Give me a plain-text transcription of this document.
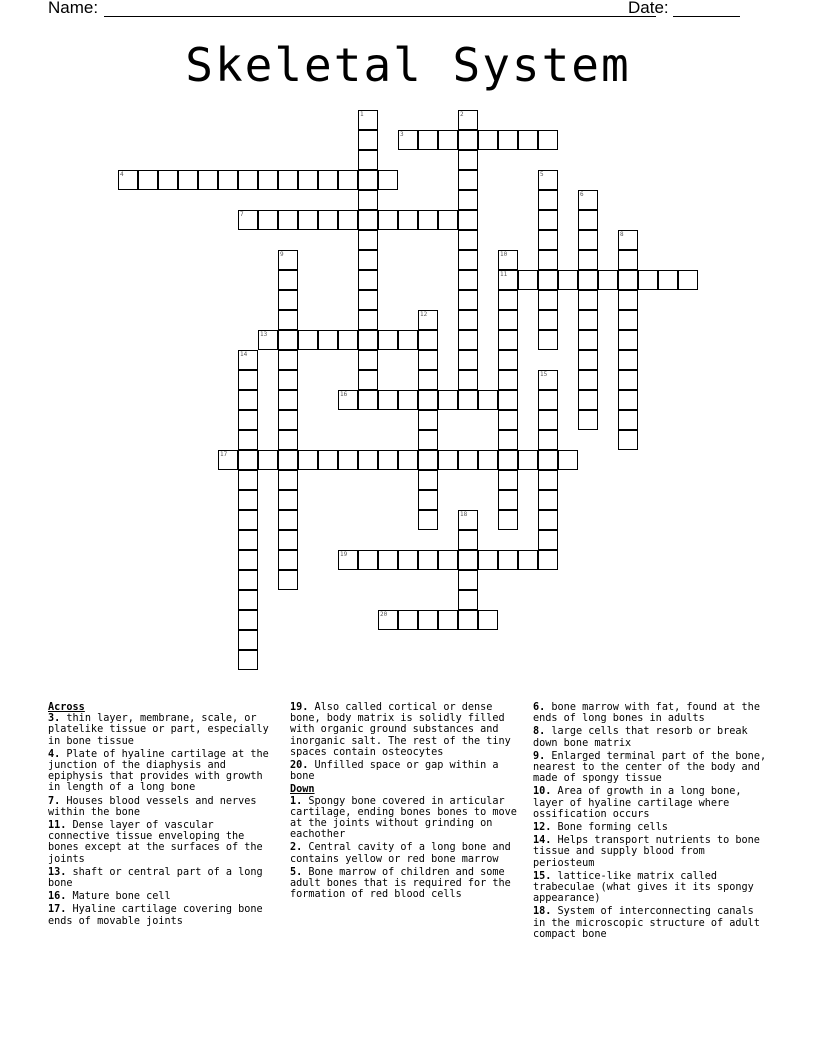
Name:	Date:
Skeletal System
1	2
3
4	5
6
7
8
9	10
11
12
13
14
15
16
17
18
19
20
Across
3. thin layer, membrane, scale, or platelike tissue or part, especially in bone tissue
4. Plate of hyaline cartilage at the junction of the diaphysis and epiphysis that provides with growth in length of a long bone
7. Houses blood vessels and nerves within the bone
11. Dense layer of vascular connective tissue enveloping the bones except at the surfaces of the joints
13. shaft or central part of a long bone
16. Mature bone cell
17. Hyaline cartilage covering bone ends of movable joints
19. Also called cortical or dense bone, body matrix is solidly filled with organic ground substances and inorganic salt. The rest of the tiny spaces contain osteocytes
20. Unfilled space or gap within a bone
Down
1. Spongy bone covered in articular cartilage, ending bones bones to move at the joints without grinding on eachother
2. Central cavity of a long bone and contains yellow or red bone marrow
5. Bone marrow of children and some adult bones that is required for the formation of red blood cells
6. bone marrow with fat, found at the ends of long bones in adults
8. large cells that resorb or break down bone matrix
9. Enlarged terminal part of the bone, nearest to the center of the body and made of spongy tissue
10. Area of growth in a long bone, layer of hyaline cartilage where ossification occurs
12. Bone forming cells
14. Helps transport nutrients to bone tissue and supply blood from periosteum
15. lattice-like matrix called trabeculae (what gives it its spongy appearance)
18. System of interconnecting canals in the microscopic structure of adult compact bone
